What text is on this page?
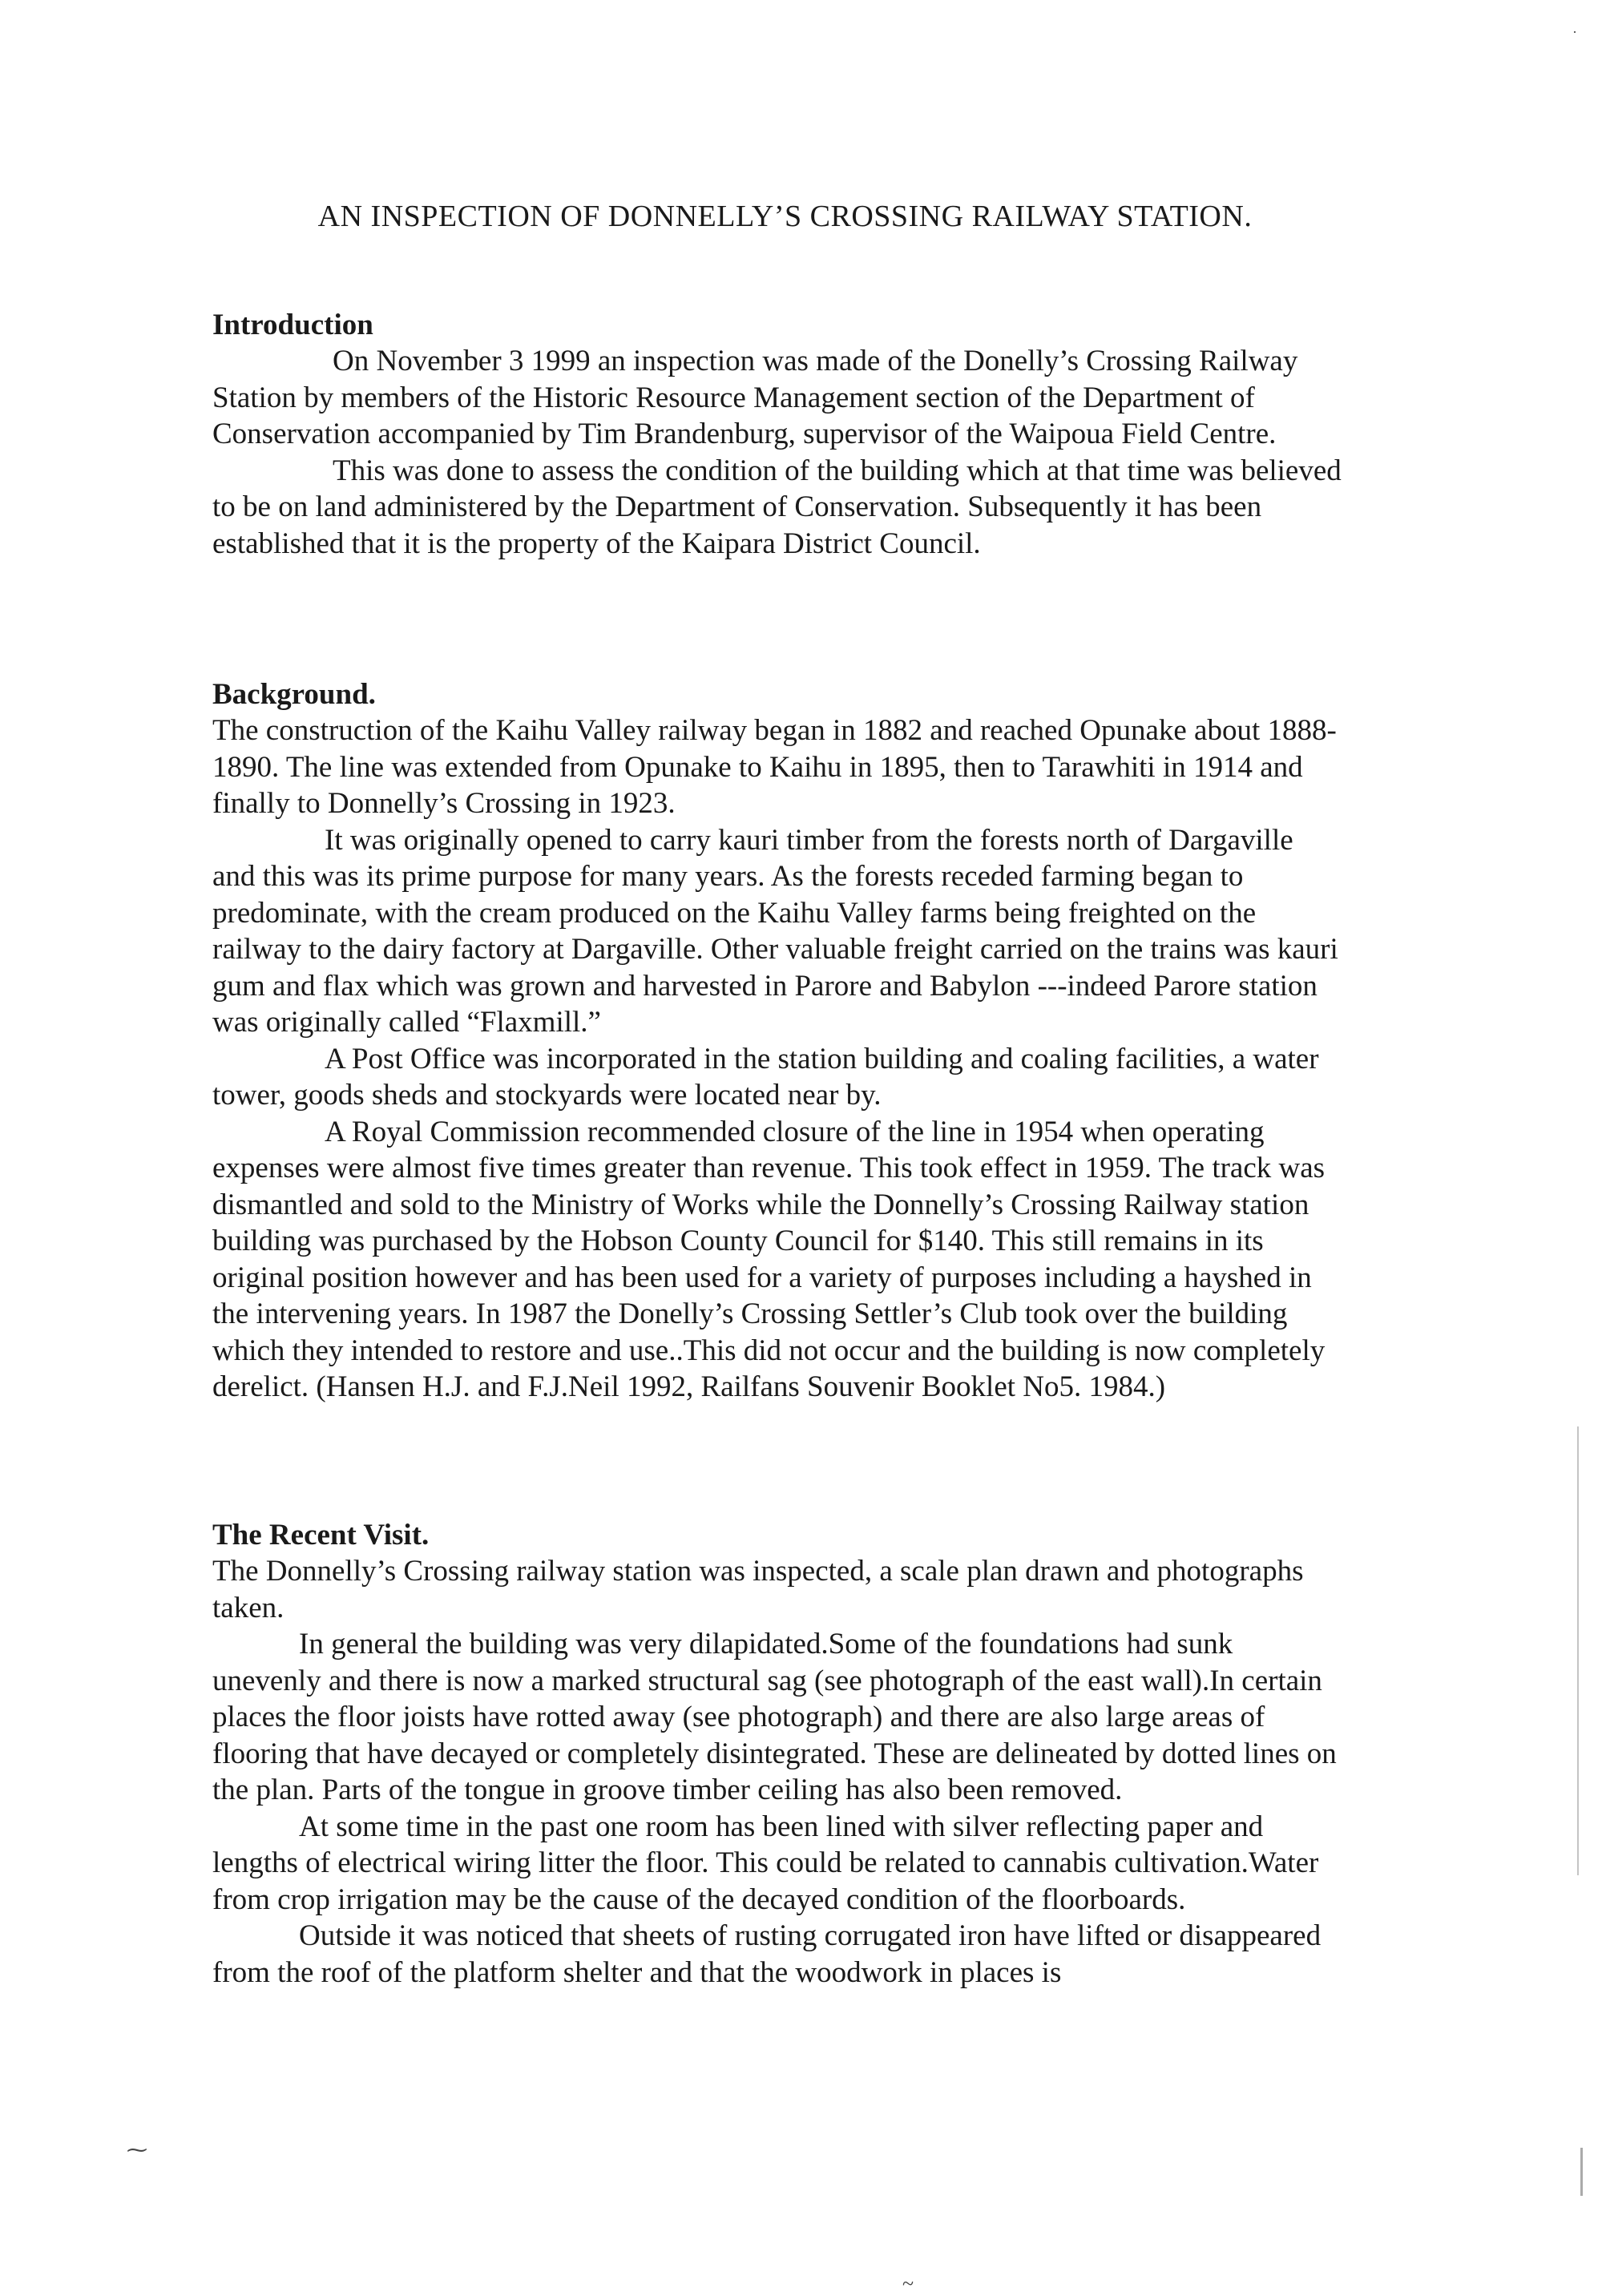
AN INSPECTION OF DONNELLY’S CROSSING RAILWAY STATION.
Introduction

On November 3 1999 an inspection was made of the Donelly’s Crossing Railway Station by members of the Historic Resource Management section of the Department of Conservation accompanied by Tim Brandenburg, supervisor of the Waipoua Field Centre.

This was done to assess the condition of the building which at that time was believed to be on land administered by the Department of Conservation. Subsequently it has been established that it is the property of the Kaipara District Council.

Background.

The construction of the Kaihu Valley railway began in 1882 and reached Opunake about 1888-1890. The line was extended from Opunake to Kaihu in 1895, then to Tarawhiti in 1914 and finally to Donnelly’s Crossing in 1923.

It was originally opened to carry kauri timber from the forests north of Dargaville and this was its prime purpose for many years. As the forests receded farming began to predominate, with the cream produced on the Kaihu Valley farms being freighted on the railway to the dairy factory at Dargaville. Other valuable freight carried on the trains was kauri gum and flax which was grown and harvested in Parore and Babylon ---indeed Parore station was originally called “Flaxmill.”

A Post Office was incorporated in the station building and coaling facilities, a water tower, goods sheds and stockyards were located near by.

A Royal Commission recommended closure of the line in 1954 when operating expenses were almost five times greater than revenue. This took effect in 1959. The track was dismantled and sold to the Ministry of Works while the Donnelly’s Crossing Railway station building was purchased by the Hobson County Council for $140. This still remains in its original position however and has been used for a variety of purposes including a hayshed in the intervening years. In 1987 the Donelly’s Crossing Settler’s Club took over the building which they intended to restore and use..This did not occur and the building is now completely derelict. (Hansen H.J. and F.J.Neil 1992, Railfans Souvenir Booklet No5. 1984.)

The Recent Visit.

The Donnelly’s Crossing railway station was inspected, a scale plan drawn and photographs taken.

In general the building was very dilapidated.Some of the foundations had sunk unevenly and there is now a marked structural sag (see photograph of the east wall).In certain places the floor joists have rotted away (see photograph) and there are also large areas of flooring that have decayed or completely disintegrated. These are delineated by dotted lines on the plan. Parts of the tongue in groove timber ceiling has also been removed.

At some time in the past one room has been lined with silver reflecting paper and lengths of electrical wiring litter the floor. This could be related to cannabis cultivation.Water from crop irrigation may be the cause of the decayed condition of the floorboards.

Outside it was noticed that sheets of rusting corrugated iron have lifted or disappeared from the roof of the platform shelter and that the woodwork in places is

⁓
~
·
